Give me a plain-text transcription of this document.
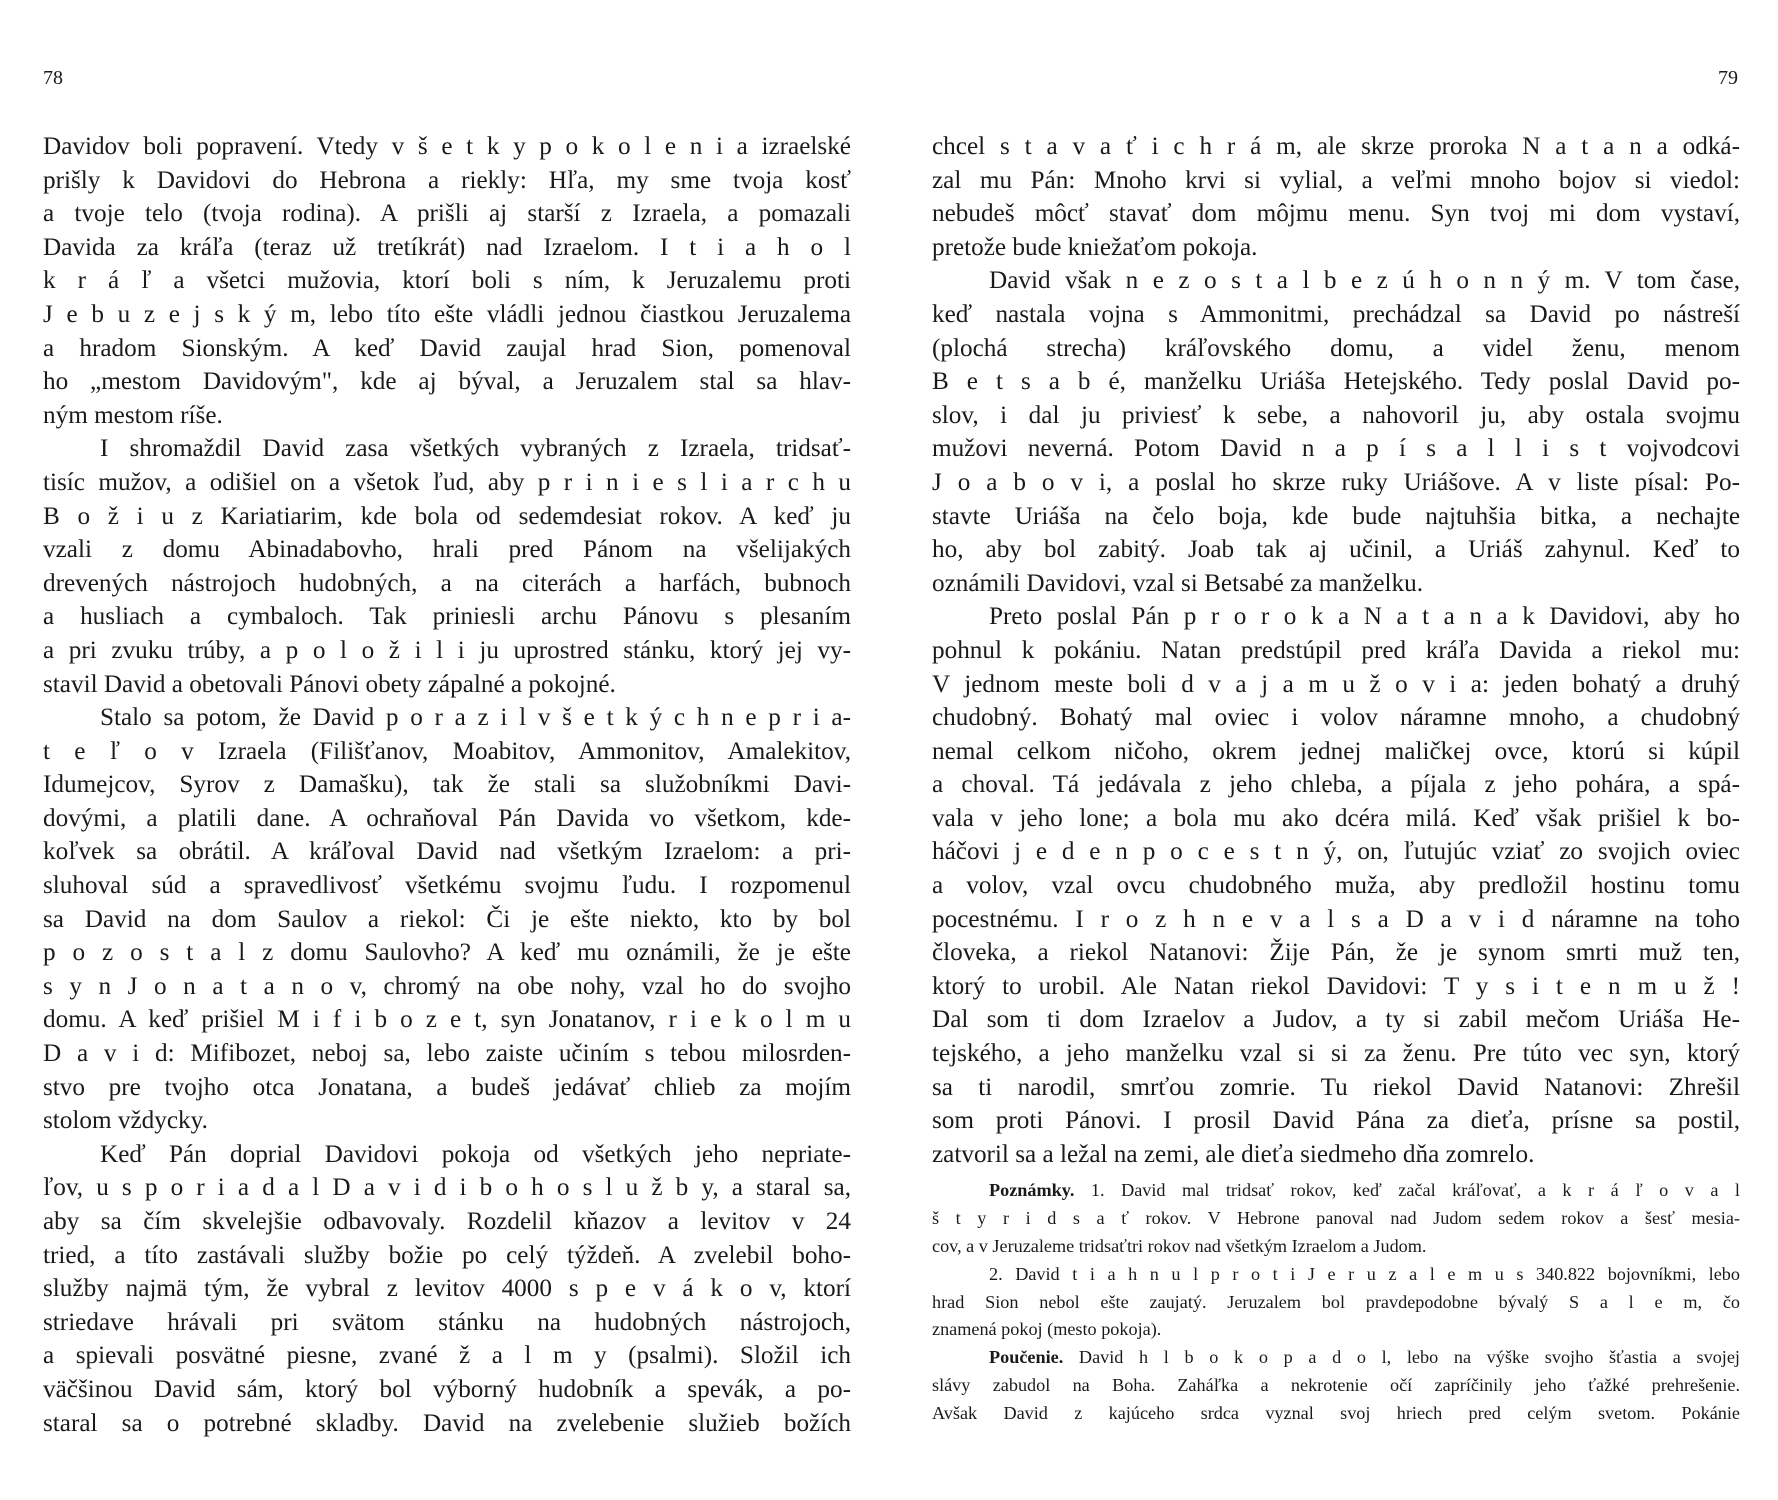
78
Davidov boli popravení. Vtedy v š e t k y p o k o l e n i a izraelské
prišly k Davidovi do Hebrona a riekly: Hľa, my sme tvoja kosť
a tvoje telo (tvoja rodina). A prišli aj starší z Izraela, a pomazali
Davida za kráľa (teraz už tretíkrát) nad Izraelom. I t i a h o l
k r á ľ a všetci mužovia, ktorí boli s ním, k Jeruzalemu proti
J e b u z e j s k ý m, lebo títo ešte vládli jednou čiastkou Jeruzalema
a hradom Sionským. A keď David zaujal hrad Sion, pomenoval
ho „mestom Davidovým", kde aj býval, a Jeruzalem stal sa hlav-
ným mestom ríše.
I shromaždil David zasa všetkých vybraných z Izraela, tridsať-
tisíc mužov, a odišiel on a všetok ľud, aby p r i n i e s l i a r c h u
B o ž i u z Kariatiarim, kde bola od sedemdesiat rokov. A keď ju
vzali z domu Abinadabovho, hrali pred Pánom na všelijakých
drevených nástrojoch hudobných, a na citerách a harfách, bubnoch
a husliach a cymbaloch. Tak priniesli archu Pánovu s plesaním
a pri zvuku trúby, a p o l o ž i l i ju uprostred stánku, ktorý jej vy-
stavil David a obetovali Pánovi obety zápalné a pokojné.
Stalo sa potom, že David p o r a z i l v š e t k ý c h n e p r i a-
t e ľ o v Izraela (Filišťanov, Moabitov, Ammonitov, Amalekitov,
Idumejcov, Syrov z Damašku), tak že stali sa služobníkmi Davi-
dovými, a platili dane. A ochraňoval Pán Davida vo všetkom, kde-
koľvek sa obrátil. A kráľoval David nad všetkým Izraelom: a pri-
sluhoval súd a spravedlivosť všetkému svojmu ľudu. I rozpomenul
sa David na dom Saulov a riekol: Či je ešte niekto, kto by bol
p o z o s t a l z domu Saulovho? A keď mu oznámili, že je ešte
s y n J o n a t a n o v, chromý na obe nohy, vzal ho do svojho
domu. A keď prišiel M i f i b o z e t, syn Jonatanov, r i e k o l m u
D a v i d: Mifibozet, neboj sa, lebo zaiste učiním s tebou milosrden-
stvo pre tvojho otca Jonatana, a budeš jedávať chlieb za mojím
stolom vždycky.
Keď Pán doprial Davidovi pokoja od všetkých jeho nepriate-
ľov, u s p o r i a d a l D a v i d i b o h o s l u ž b y, a staral sa,
aby sa čím skvelejšie odbavovaly. Rozdelil kňazov a levitov v 24
tried, a títo zastávali služby božie po celý týždeň. A zvelebil boho-
služby najmä tým, že vybral z levitov 4000 s p e v á k o v, ktorí
striedave hrávali pri svätom stánku na hudobných nástrojoch,
a spievali posvätné piesne, zvané ž a l m y (psalmi). Složil ich
väčšinou David sám, ktorý bol výborný hudobník a spevák, a po-
staral sa o potrebné skladby. David na zvelebenie služieb božích
79
chcel s t a v a ť i c h r á m, ale skrze proroka N a t a n a odká-
zal mu Pán: Mnoho krvi si vylial, a veľmi mnoho bojov si viedol:
nebudeš môcť stavať dom môjmu menu. Syn tvoj mi dom vystaví,
pretože bude kniežaťom pokoja.
David však n e z o s t a l b e z ú h o n n ý m. V tom čase,
keď nastala vojna s Ammonitmi, prechádzal sa David po nástreší
(plochá strecha) kráľovského domu, a videl ženu, menom
B e t s a b é, manželku Uriáša Hetejského. Tedy poslal David po-
slov, i dal ju priviesť k sebe, a nahovoril ju, aby ostala svojmu
mužovi neverná. Potom David n a p í s a l l i s t vojvodcovi
J o a b o v i, a poslal ho skrze ruky Uriášove. A v liste písal: Po-
stavte Uriáša na čelo boja, kde bude najtuhšia bitka, a nechajte
ho, aby bol zabitý. Joab tak aj učinil, a Uriáš zahynul. Keď to
oznámili Davidovi, vzal si Betsabé za manželku.
Preto poslal Pán p r o r o k a N a t a n a k Davidovi, aby ho
pohnul k pokániu. Natan predstúpil pred kráľa Davida a riekol mu:
V jednom meste boli d v a j a m u ž o v i a: jeden bohatý a druhý
chudobný. Bohatý mal oviec i volov náramne mnoho, a chudobný
nemal celkom ničoho, okrem jednej maličkej ovce, ktorú si kúpil
a choval. Tá jedávala z jeho chleba, a píjala z jeho pohára, a spá-
vala v jeho lone; a bola mu ako dcéra milá. Keď však prišiel k bo-
háčovi j e d e n p o c e s t n ý, on, ľutujúc vziať zo svojich oviec
a volov, vzal ovcu chudobného muža, aby predložil hostinu tomu
pocestnému. I r o z h n e v a l s a D a v i d náramne na toho
človeka, a riekol Natanovi: Žije Pán, že je synom smrti muž ten,
ktorý to urobil. Ale Natan riekol Davidovi: T y s i t e n m u ž !
Dal som ti dom Izraelov a Judov, a ty si zabil mečom Uriáša He-
tejského, a jeho manželku vzal si si za ženu. Pre túto vec syn, ktorý
sa ti narodil, smrťou zomrie. Tu riekol David Natanovi: Zhrešil
som proti Pánovi. I prosil David Pána za dieťa, prísne sa postil,
zatvoril sa a ležal na zemi, ale dieťa siedmeho dňa zomrelo.
Poznámky. 1. David mal tridsať rokov, keď začal kráľovať, a k r á ľ o v a l
š t y r i d s a ť rokov. V Hebrone panoval nad Judom sedem rokov a šesť mesia-
cov, a v Jeruzaleme tridsaťtri rokov nad všetkým Izraelom a Judom.
2. David t i a h n u l p r o t i J e r u z a l e m u s 340.822 bojovníkmi, lebo
hrad Sion nebol ešte zaujatý. Jeruzalem bol pravdepodobne bývalý S a l e m, čo
znamená pokoj (mesto pokoja).
Poučenie. David h l b o k o p a d o l, lebo na výške svojho šťastia a svojej
slávy zabudol na Boha. Zaháľka a nekrotenie očí zapríčinily jeho ťažké prehrešenie.
Avšak David z kajúceho srdca vyznal svoj hriech pred celým svetom. Pokánie
